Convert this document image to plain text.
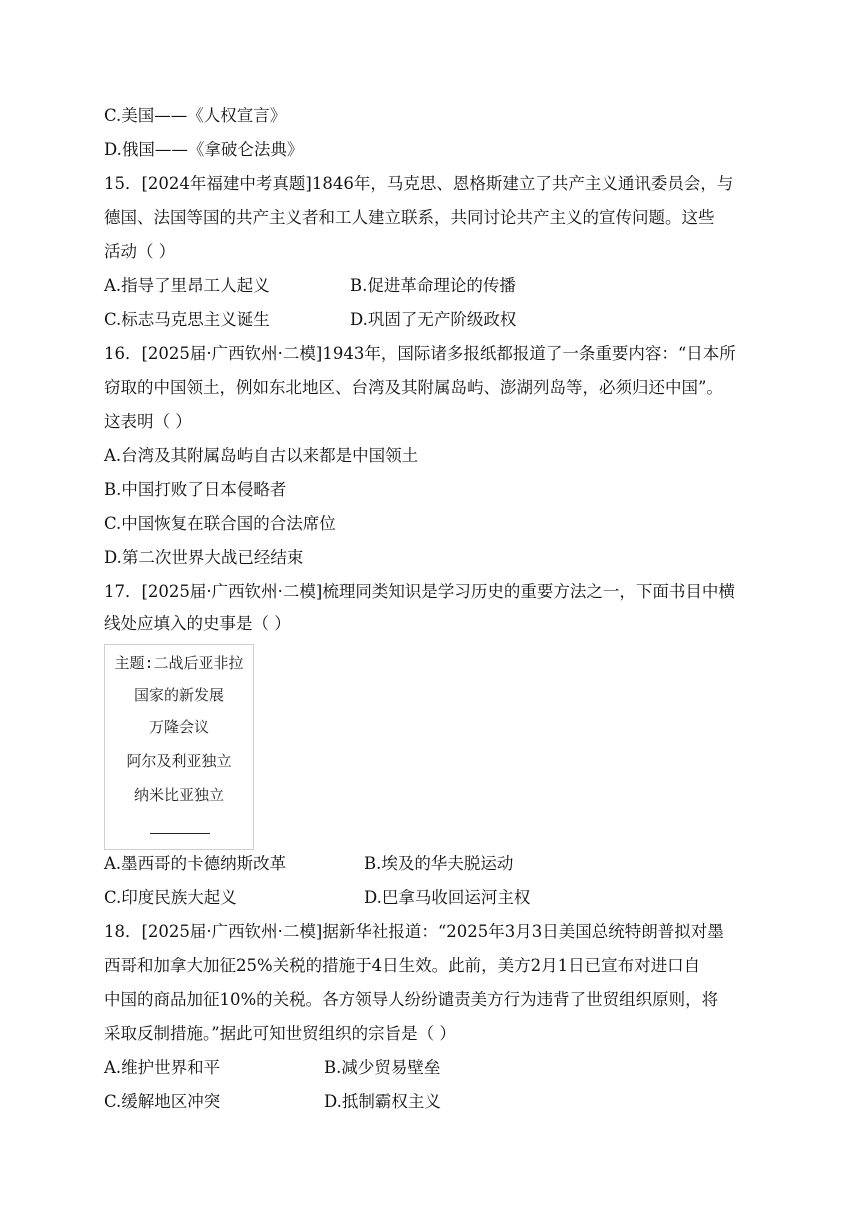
C.美国——《人权宣言》
D.俄国——《拿破仑法典》
15．[2024年福建中考真题]1846年，马克思、恩格斯建立了共产主义通讯委员会，与
德国、法国等国的共产主义者和工人建立联系，共同讨论共产主义的宣传问题。这些
活动（ ）
A.指导了里昂工人起义	B.促进革命理论的传播
C.标志马克思主义诞生	D.巩固了无产阶级政权
16．[2025届·广西钦州·二模]1943年，国际诸多报纸都报道了一条重要内容：“日本所
窃取的中国领土，例如东北地区、台湾及其附属岛屿、澎湖列岛等，必须归还中国”。
这表明（ ）
A.台湾及其附属岛屿自古以来都是中国领土
B.中国打败了日本侵略者
C.中国恢复在联合国的合法席位
D.第二次世界大战已经结束
17．[2025届·广西钦州·二模]梳理同类知识是学习历史的重要方法之一，下面书目中横
线处应填入的史事是（ ）
主题:二战后亚非拉
国家的新发展
万隆会议
阿尔及利亚独立
纳米比亚独立
A.墨西哥的卡德纳斯改革	B.埃及的华夫脱运动
C.印度民族大起义	D.巴拿马收回运河主权
18．[2025届·广西钦州·二模]据新华社报道：“2025年3月3日美国总统特朗普拟对墨
西哥和加拿大加征25%关税的措施于4日生效。此前，美方2月1日已宣布对进口自
中国的商品加征10%的关税。各方领导人纷纷谴责美方行为违背了世贸组织原则，将
采取反制措施。”据此可知世贸组织的宗旨是（ ）
A.维护世界和平	B.减少贸易壁垒
C.缓解地区冲突	D.抵制霸权主义
